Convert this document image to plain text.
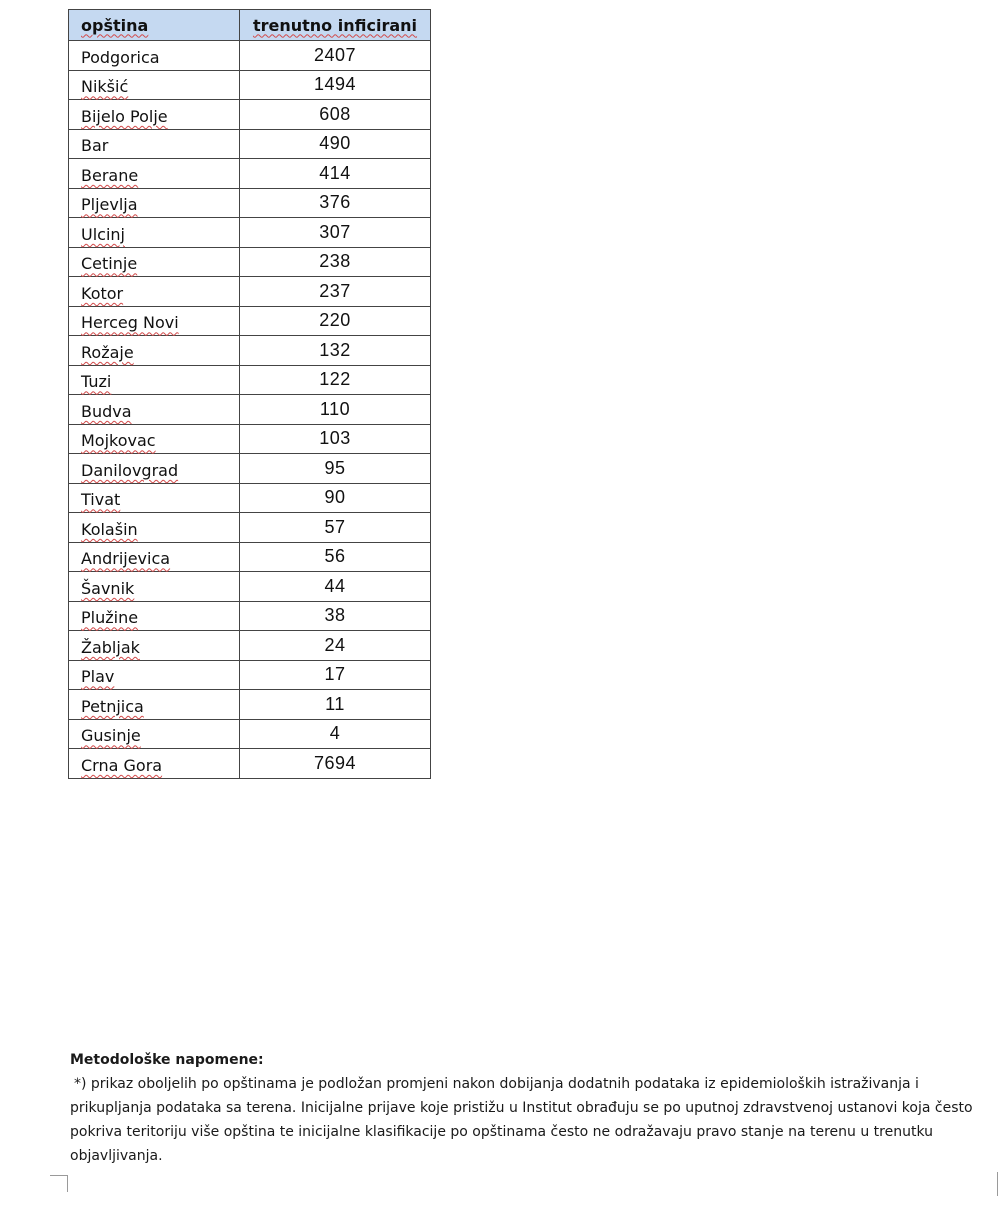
opština	trenutno inficirani
Podgorica	2407
Nikšić	1494
Bijelo Polje	608
Bar	490
Berane	414
Pljevlja	376
Ulcinj	307
Cetinje	238
Kotor	237
Herceg Novi	220
Rožaje	132
Tuzi	122
Budva	110
Mojkovac	103
Danilovgrad	95
Tivat	90
Kolašin	57
Andrijevica	56
Šavnik	44
Plužine	38
Žabljak	24
Plav	17
Petnjica	11
Gusinje	4
Crna Gora	7694
Metodološke napomene:
*) prikaz oboljelih po opštinama je podložan promjeni nakon dobijanja dodatnih podataka iz epidemioloških istraživanja i prikupljanja podataka sa terena. Inicijalne prijave koje pristižu u Institut obrađuju se po uputnoj zdravstvenoj ustanovi koja često pokriva teritoriju više opština te inicijalne klasifikacije po opštinama često ne odražavaju pravo stanje na terenu u trenutku objavljivanja.
